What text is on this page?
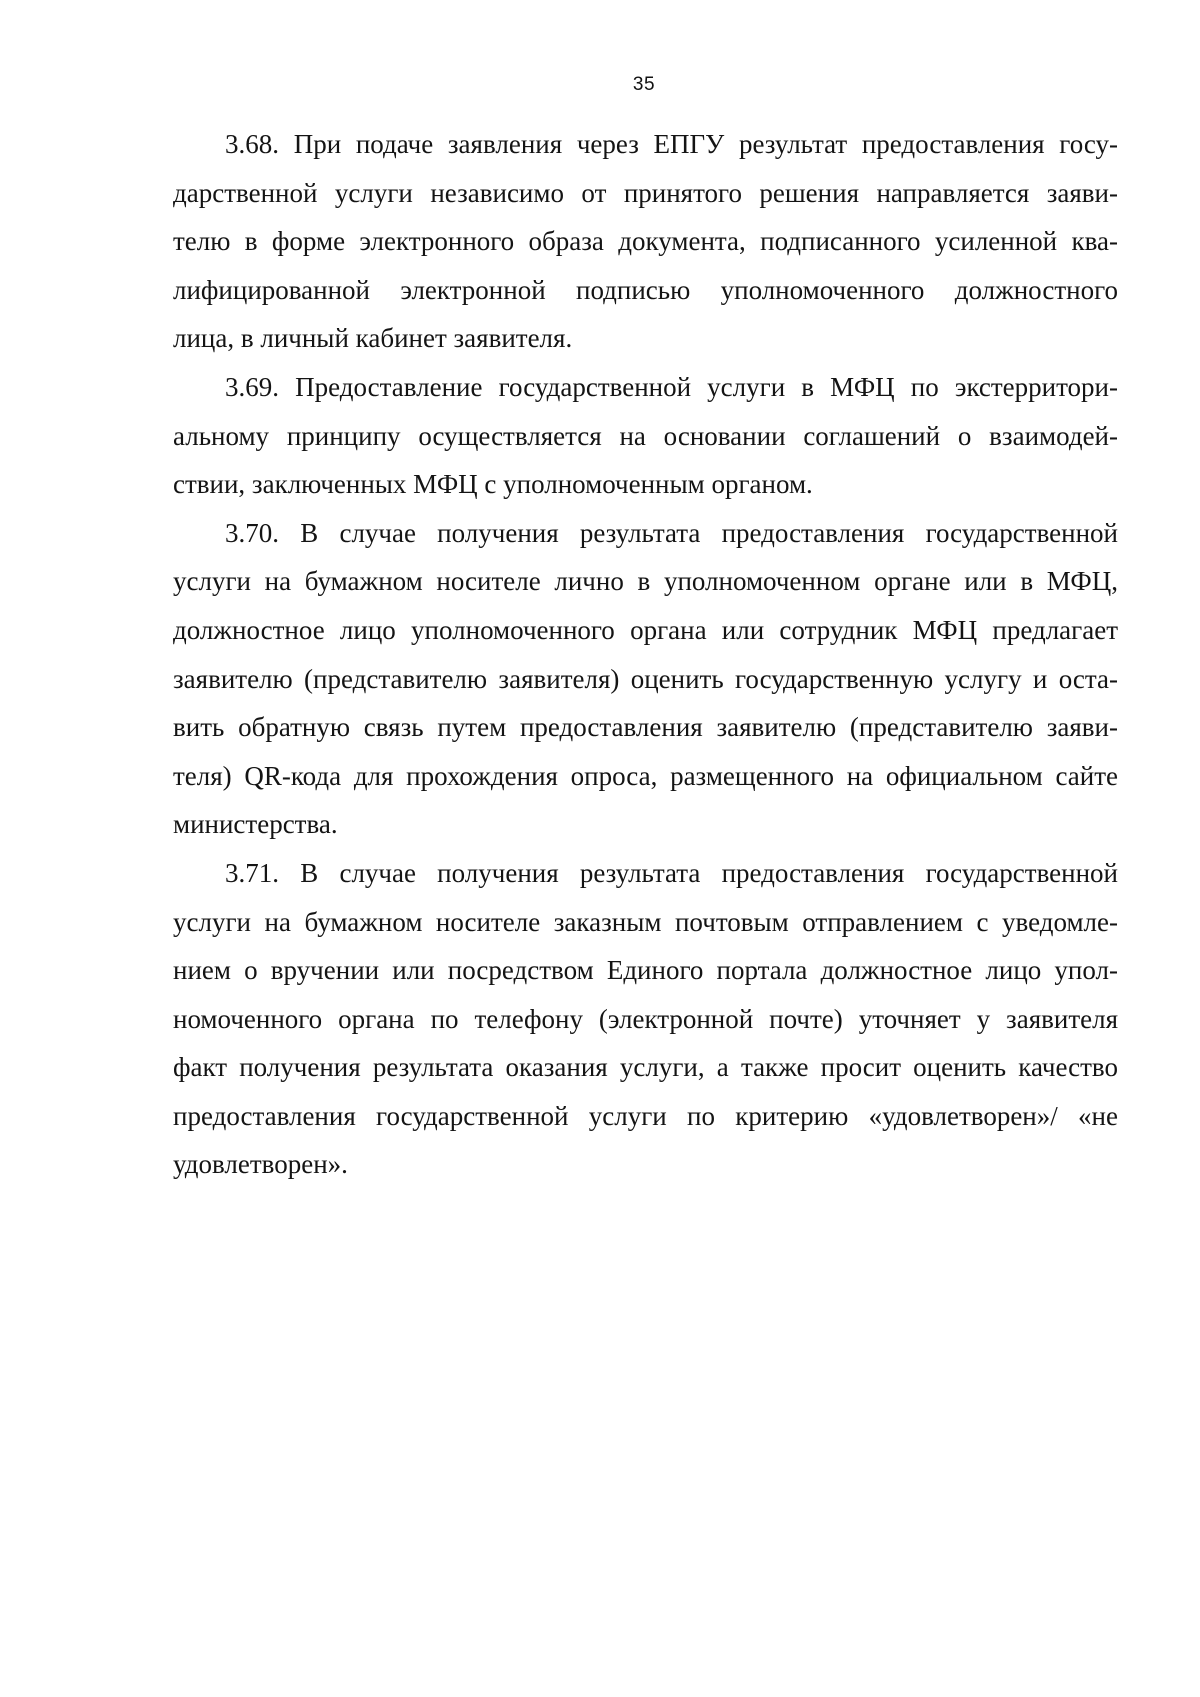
35
3.68. При подаче заявления через ЕПГУ результат предоставления госу-
дарственной услуги независимо от принятого решения направляется заяви-
телю в форме электронного образа документа, подписанного усиленной ква-
лифицированной электронной подписью уполномоченного должностного
лица, в личный кабинет заявителя.
3.69. Предоставление государственной услуги в МФЦ по экстерритори-
альному принципу осуществляется на основании соглашений о взаимодей-
ствии, заключенных МФЦ с уполномоченным органом.
3.70. В случае получения результата предоставления государственной
услуги на бумажном носителе лично в уполномоченном органе или в МФЦ,
должностное лицо уполномоченного органа или сотрудник МФЦ предлагает
заявителю (представителю заявителя) оценить государственную услугу и оста-
вить обратную связь путем предоставления заявителю (представителю заяви-
теля) QR-кода для прохождения опроса, размещенного на официальном сайте
министерства.
3.71. В случае получения результата предоставления государственной
услуги на бумажном носителе заказным почтовым отправлением с уведомле-
нием о вручении или посредством Единого портала должностное лицо упол-
номоченного органа по телефону (электронной почте) уточняет у заявителя
факт получения результата оказания услуги, а также просит оценить качество
предоставления государственной услуги по критерию «удовлетворен»/ «не
удовлетворен».
